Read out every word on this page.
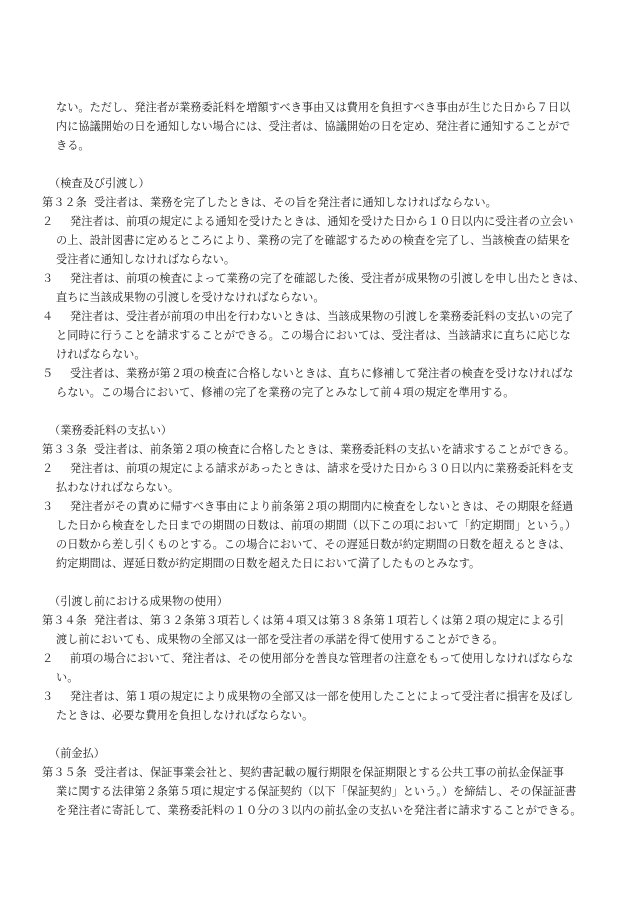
ない。ただし、発注者が業務委託料を増額すべき事由又は費用を負担すべき事由が生じた日から７日以
内に協議開始の日を通知しない場合には、受注者は、協議開始の日を定め、発注者に通知することがで
きる。
（検査及び引渡し）
第３２条 受注者は、業務を完了したときは、その旨を発注者に通知しなければならない。
２ 発注者は、前項の規定による通知を受けたときは、通知を受けた日から１０日以内に受注者の立会い
の上、設計図書に定めるところにより、業務の完了を確認するための検査を完了し、当該検査の結果を
受注者に通知しなければならない。
３ 発注者は、前項の検査によって業務の完了を確認した後、受注者が成果物の引渡しを申し出たときは、
直ちに当該成果物の引渡しを受けなければならない。
４ 発注者は、受注者が前項の申出を行わないときは、当該成果物の引渡しを業務委託料の支払いの完了
と同時に行うことを請求することができる。この場合においては、受注者は、当該請求に直ちに応じな
ければならない。
５ 受注者は、業務が第２項の検査に合格しないときは、直ちに修補して発注者の検査を受けなければな
らない。この場合において、修補の完了を業務の完了とみなして前４項の規定を準用する。
（業務委託料の支払い）
第３３条 受注者は、前条第２項の検査に合格したときは、業務委託料の支払いを請求することができる。
２ 発注者は、前項の規定による請求があったときは、請求を受けた日から３０日以内に業務委託料を支
払わなければならない。
３ 発注者がその責めに帰すべき事由により前条第２項の期間内に検査をしないときは、その期限を経過
した日から検査をした日までの期間の日数は、前項の期間（以下この項において「約定期間」という。）
の日数から差し引くものとする。この場合において、その遅延日数が約定期間の日数を超えるときは、
約定期間は、遅延日数が約定期間の日数を超えた日において満了したものとみなす。
（引渡し前における成果物の使用）
第３４条 発注者は、第３２条第３項若しくは第４項又は第３８条第１項若しくは第２項の規定による引
渡し前においても、成果物の全部又は一部を受注者の承諾を得て使用することができる。
２ 前項の場合において、発注者は、その使用部分を善良な管理者の注意をもって使用しなければならな
い。
３ 発注者は、第１項の規定により成果物の全部又は一部を使用したことによって受注者に損害を及ぼし
たときは、必要な費用を負担しなければならない。
（前金払）
第３５条 受注者は、保証事業会社と、契約書記載の履行期限を保証期限とする公共工事の前払金保証事
業に関する法律第２条第５項に規定する保証契約（以下「保証契約」という。）を締結し、その保証証書
を発注者に寄託して、業務委託料の１０分の３以内の前払金の支払いを発注者に請求することができる。
